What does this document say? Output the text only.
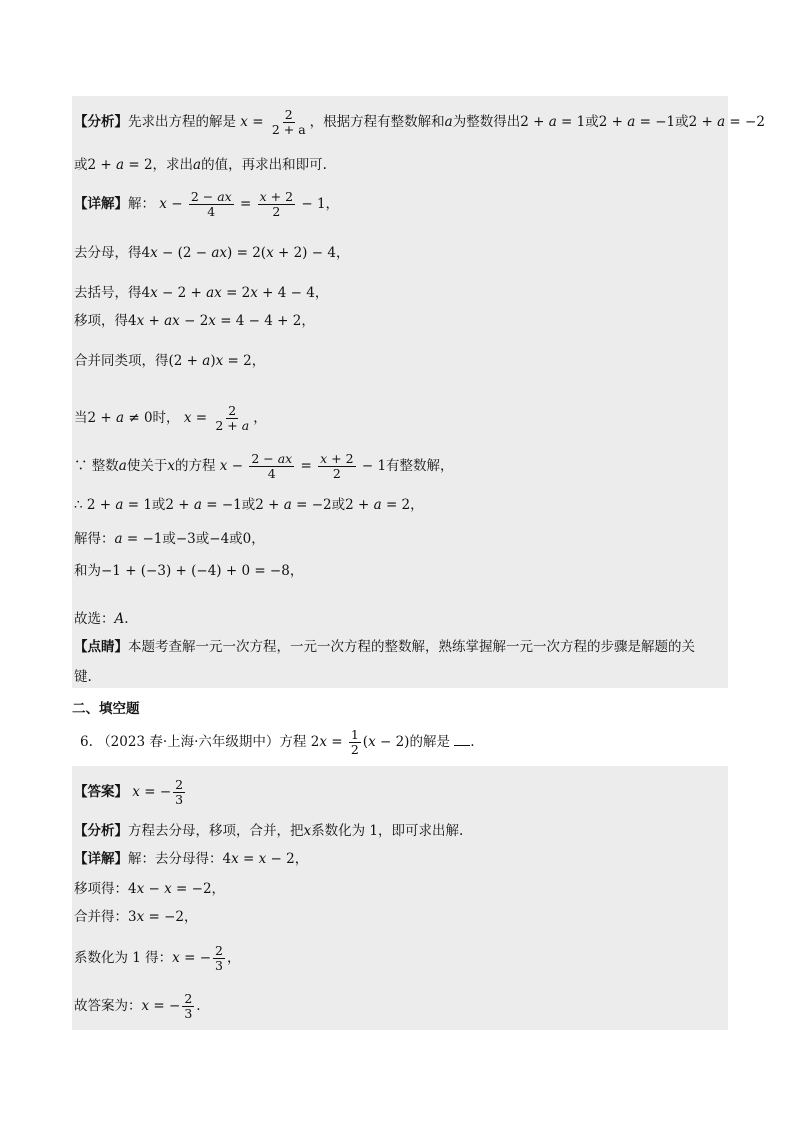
【分析】先求出方程的解是 $x = \frac{2}{2 + a}$ ，根据方程有整数解和a为整数得出2 + a = 1或2 + a = −1或2 + a = −2
或2 + a = 2，求出a的值，再求出和即可.
【详解】解： $x - \frac{2 - ax}{4} = \frac{x + 2}{2} - 1$，
去分母，得4x − (2 − ax) = 2(x + 2) − 4，
去括号，得4x − 2 + ax = 2x + 4 − 4，
移项，得4x + ax − 2x = 4 − 4 + 2，
合并同类项，得(2 + a)x = 2，
当2 + a ≠ 0时， $x = \frac{2}{2 + a}$ ，
∵ 整数a使关于x的方程 $x - \frac{2 - ax}{4} = \frac{x + 2}{2} - 1$有整数解，
∴ 2 + a = 1或2 + a = −1或2 + a = −2或2 + a = 2，
解得：a = −1或−3或−4或0，
和为−1 + (−3) + (−4) + 0 = −8，
故选：A.
【点睛】本题考查解一元一次方程，一元一次方程的整数解，熟练掌握解一元一次方程的步骤是解题的关
键.
二、填空题
6. （2023 春·上海·六年级期中）方程 $2x = \frac{1}{2} (x - 2)$的解是 .
【答案】 x = − $\frac{2}{3}$
【分析】方程去分母，移项，合并，把x系数化为 1，即可求出解.
【详解】解：去分母得：4x = x − 2，
移项得：4x − x = −2，
合并得：3x = −2，
系数化为 1 得：x = − $\frac{2}{3}$ ，
故答案为：x = − $\frac{2}{3}$ .
